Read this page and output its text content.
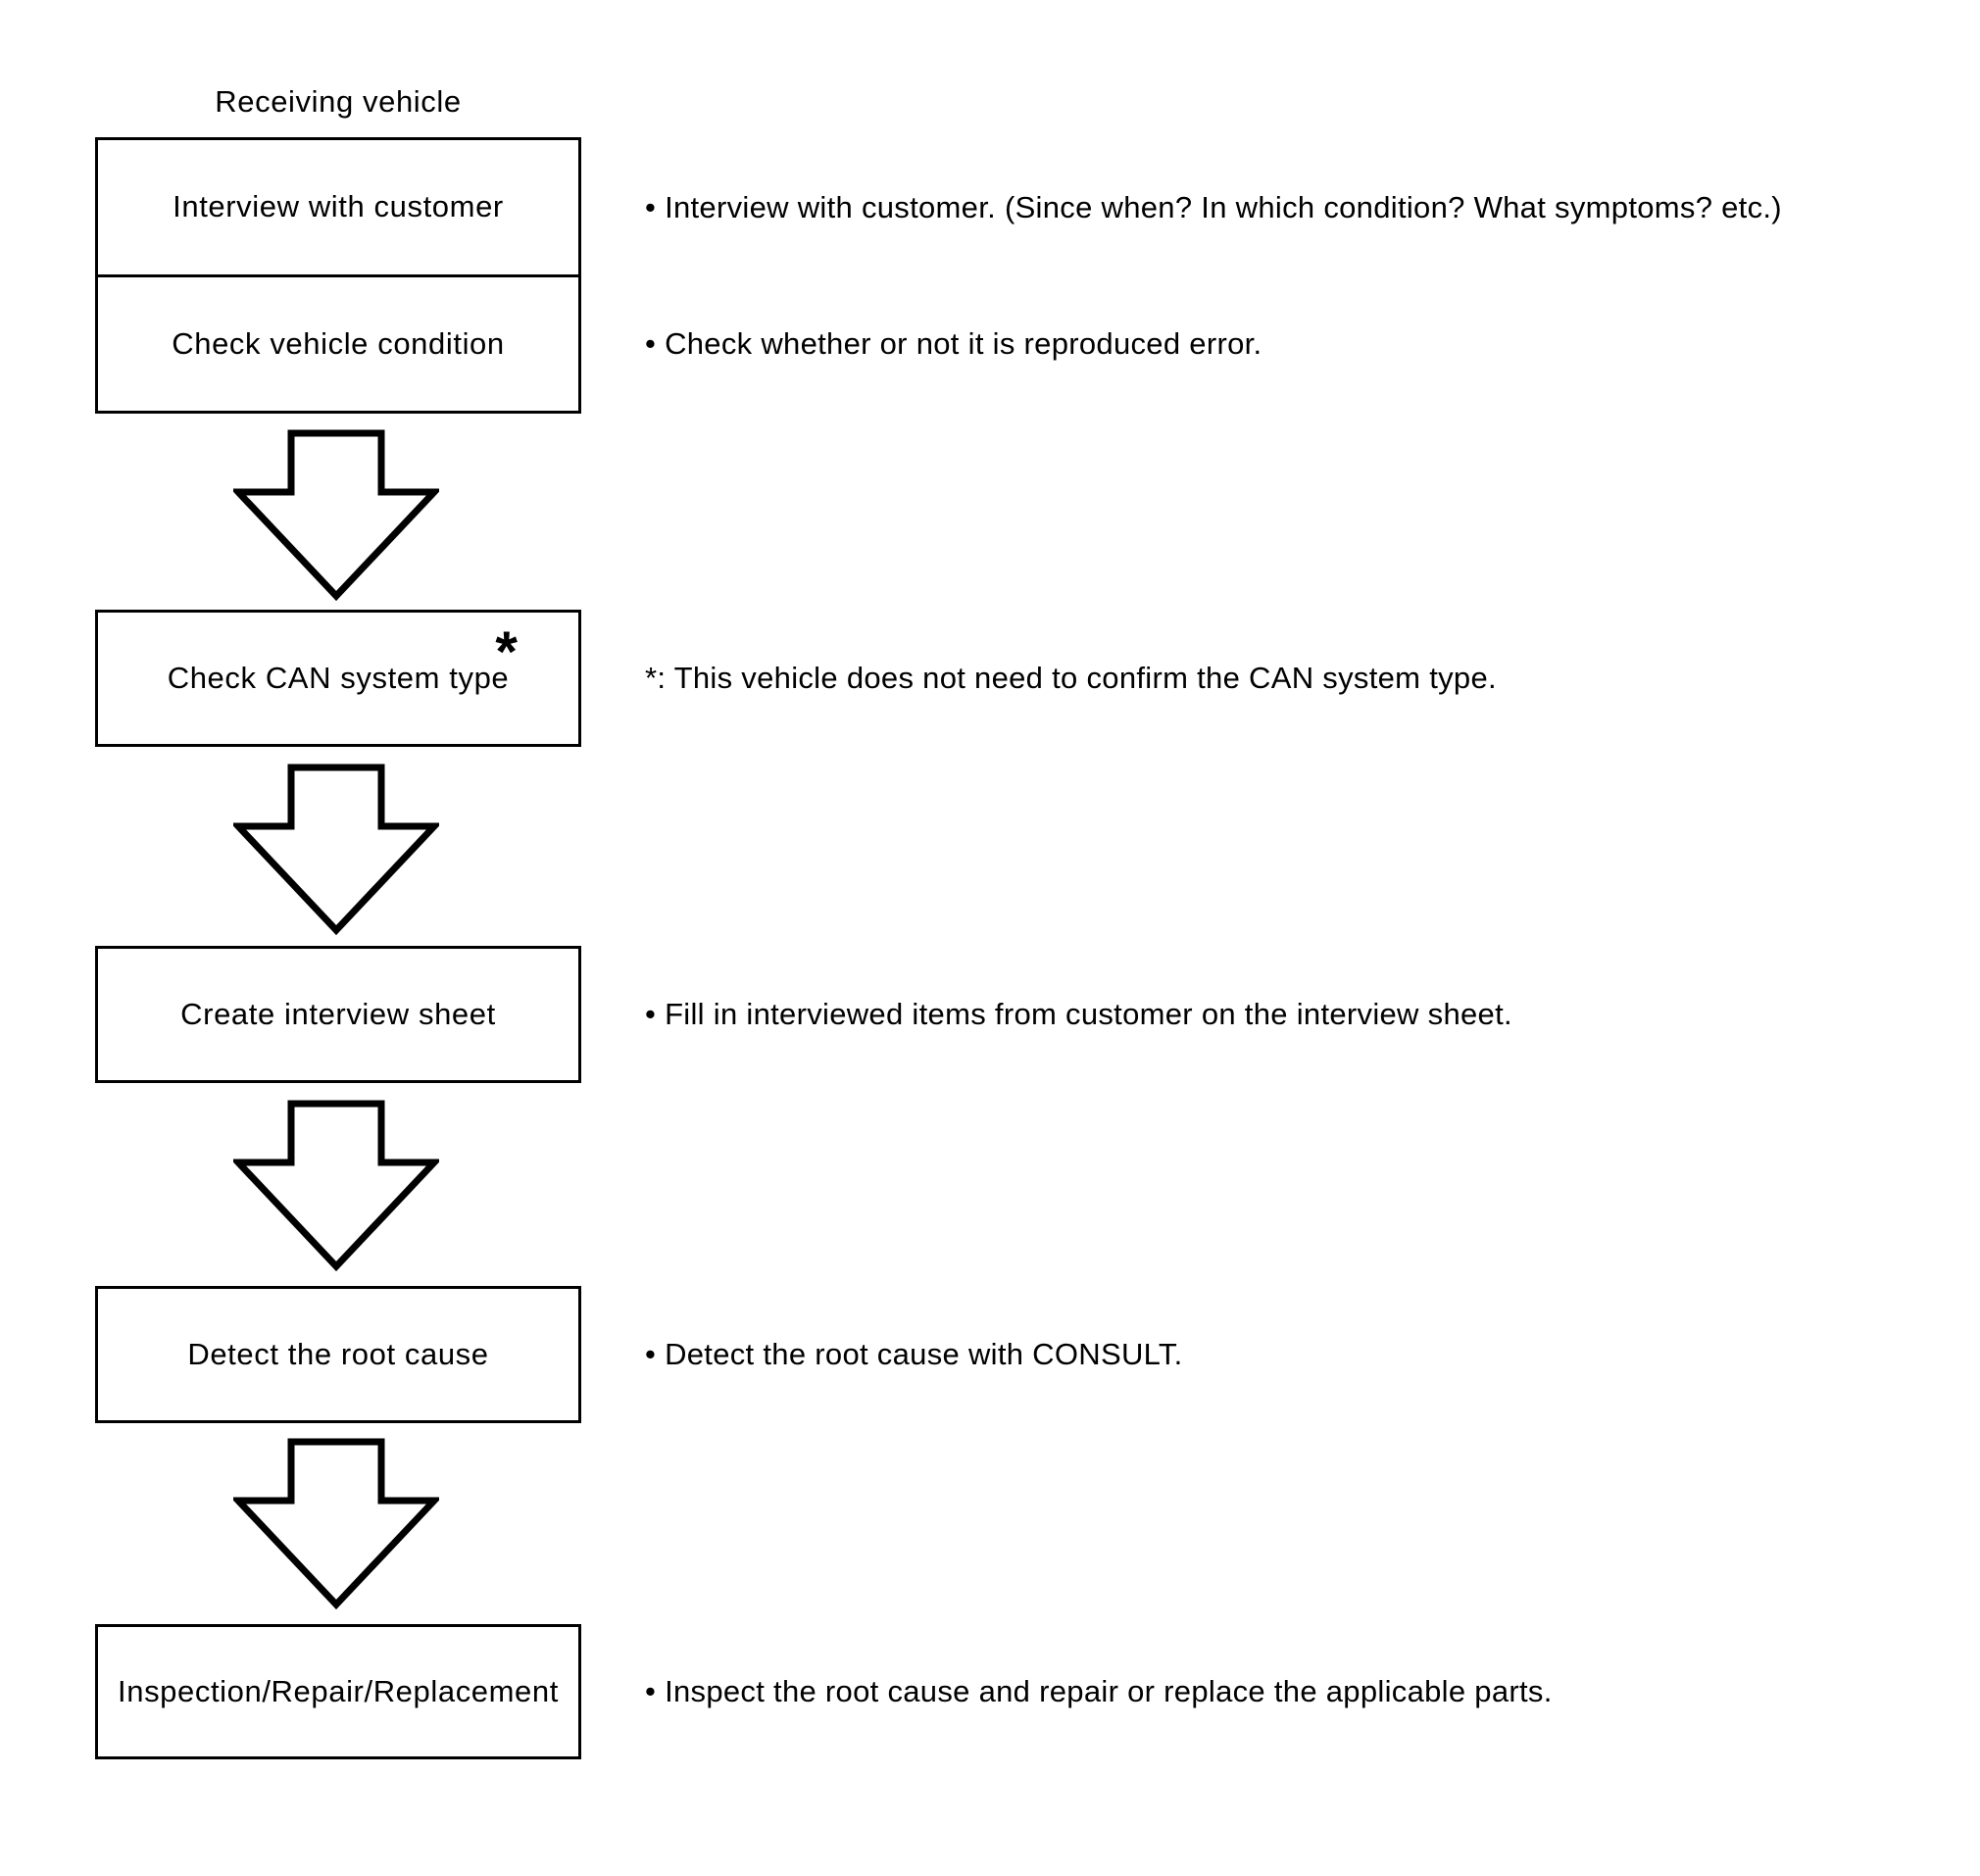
Receiving vehicle
Interview with customer
Check vehicle condition
Check CAN system type
*
Create interview sheet
Detect the root cause
Inspection/Repair/Replacement
• Interview with customer. (Since when? In which condition? What symptoms? etc.)
• Check whether or not it is reproduced error.
*: This vehicle does not need to confirm the CAN system type.
• Fill in interviewed items from customer on the interview sheet.
• Detect the root cause with CONSULT.
• Inspect the root cause and repair or replace the applicable parts.
